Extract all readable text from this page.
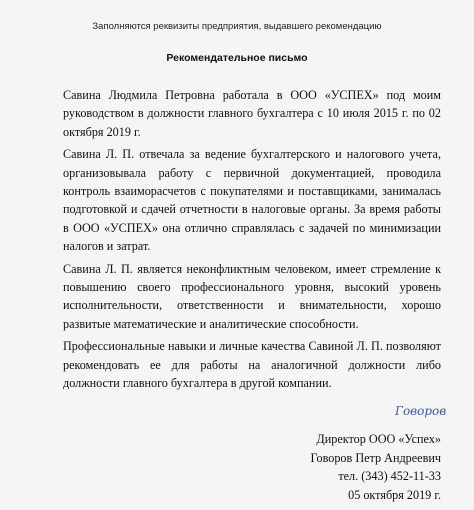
Заполняются реквизиты предприятия, выдавшего рекомендацию
Рекомендательное письмо

Савина Людмила Петровна работала в ООО «УСПЕХ» под моим руководством в должности главного бухгалтера с 10 июля 2015 г. по 02 октября 2019 г.

Савина Л. П. отвечала за ведение бухгалтерского и налогового учета, организовывала работу с первичной документацией, проводила контроль взаиморасчетов с покупателями и поставщиками, занималась подготовкой и сдачей отчетности в налоговые органы. За время работы в ООО «УСПЕХ» она отлично справлялась с задачей по минимизации налогов и затрат.

Савина Л. П. является неконфликтным человеком, имеет стремление к повышению своего профессионального уровня, высокий уровень исполнительности, ответственности и внимательности, хорошо развитые математические и аналитические способности.

Профессиональные навыки и личные качества Савиной Л. П. позволяют рекомендовать ее для работы на аналогичной должности либо должности главного бухгалтера в другой компании.

Говоров
Директор ООО «Успех»
Говоров Петр Андреевич
тел. (343) 452-11-33
05 октября 2019 г.
